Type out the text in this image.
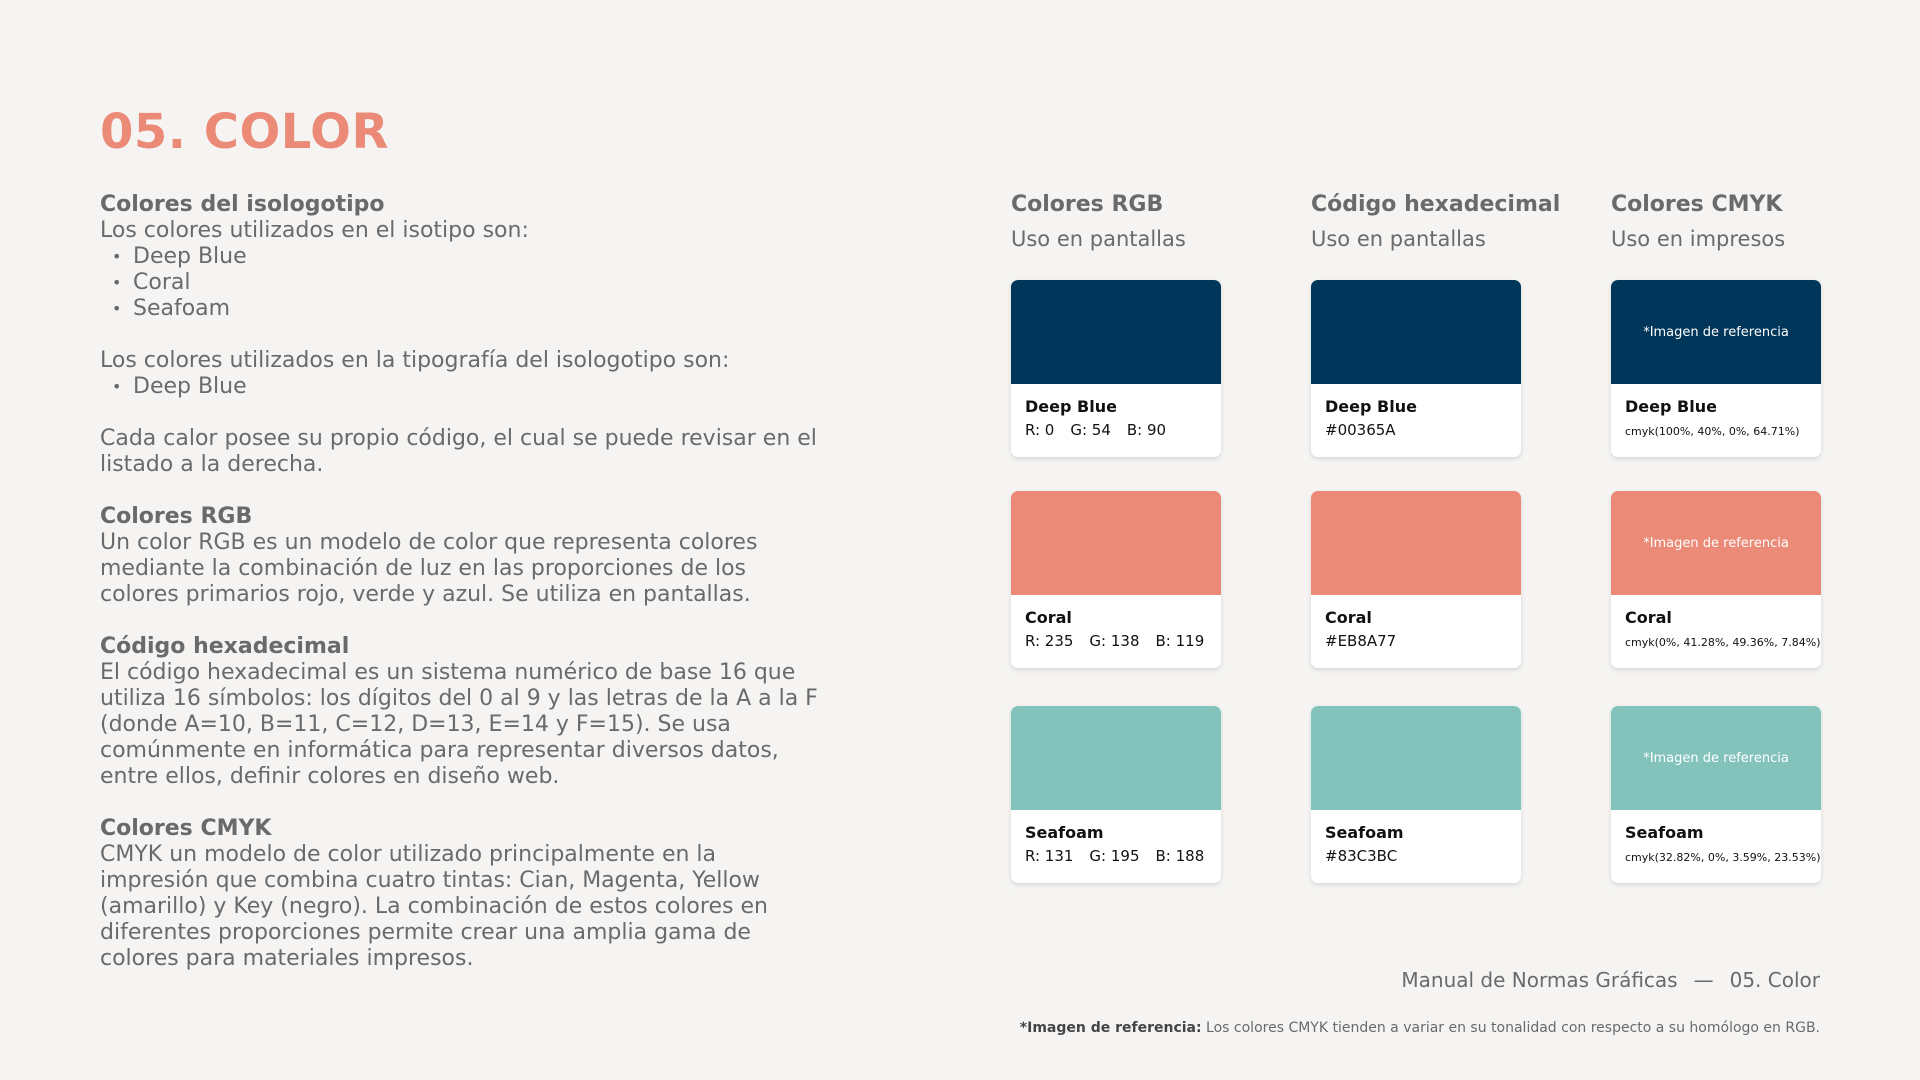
05. COLOR
Colores del isologotipo

Los colores utilizados en el isotipo son:

• Deep Blue
• Coral
• Seafoam

Los colores utilizados en la tipografía del isologotipo son:

• Deep Blue

Cada calor posee su propio código, el cual se puede revisar en el listado a la derecha.

Colores RGB

Un color RGB es un modelo de color que representa colores mediante la combinación de luz en las proporciones de los colores primarios rojo, verde y azul. Se utiliza en pantallas.

Código hexadecimal

El código hexadecimal es un sistema numérico de base 16 que utiliza 16 símbolos: los dígitos del 0 al 9 y las letras de la A a la F (donde A=10, B=11, C=12, D=13, E=14 y F=15). Se usa comúnmente en informática para representar diversos datos, entre ellos, definir colores en diseño web.

Colores CMYK

CMYK un modelo de color utilizado principalmente en la impresión que combina cuatro tintas: Cian, Magenta, Yellow (amarillo) y Key (negro). La combinación de estos colores en diferentes proporciones permite crear una amplia gama de colores para materiales impresos.

Colores RGB
Uso en pantallas
Código hexadecimal
Uso en pantallas
Colores CMYK
Uso en impresos
Deep Blue
R: 0 G: 54 B: 90
Deep Blue
#00365A
*Imagen de referencia
Deep Blue
cmyk(100%, 40%, 0%, 64.71%)
Coral
R: 235 G: 138 B: 119
Coral
#EB8A77
*Imagen de referencia
Coral
cmyk(0%, 41.28%, 49.36%, 7.84%)
Seafoam
R: 131 G: 195 B: 188
Seafoam
#83C3BC
*Imagen de referencia
Seafoam
cmyk(32.82%, 0%, 3.59%, 23.53%)
Manual de Normas Gráficas — 05. Color
*Imagen de referencia: Los colores CMYK tienden a variar en su tonalidad con respecto a su homólogo en RGB.
